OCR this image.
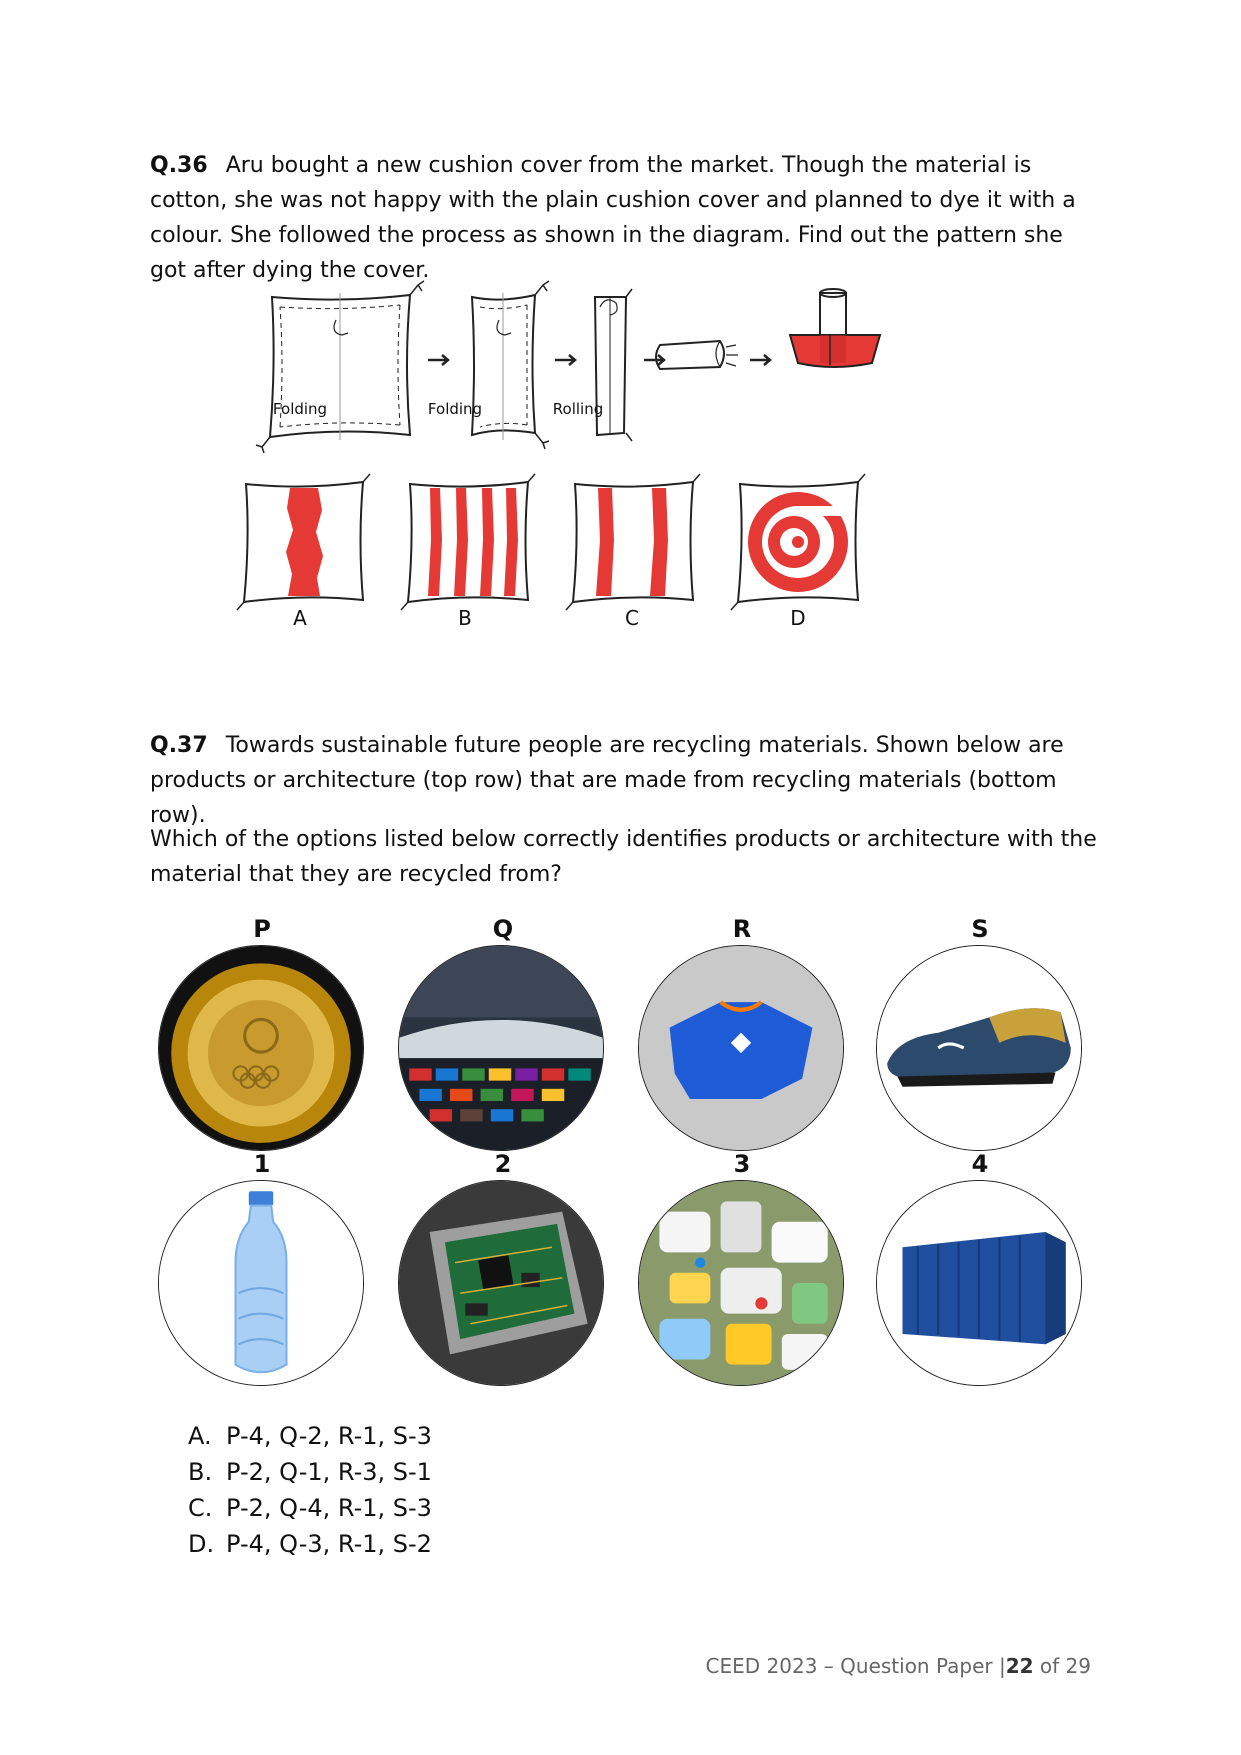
Q.36 Aru bought a new cushion cover from the market. Though the material is cotton, she was not happy with the plain cushion cover and planned to dye it with a colour. She followed the process as shown in the diagram. Find out the pattern she got after dying the cover.
Folding	Folding	Rolling
A	B	C	D
Q.37 Towards sustainable future people are recycling materials. Shown below are products or architecture (top row) that are made from recycling materials (bottom row).
Which of the options listed below correctly identifies products or architecture with the material that they are recycled from?
P	Q	R	S
1	2	3	4
A. P-4, Q-2, R-1, S-3
B. P-2, Q-1, R-3, S-1
C. P-2, Q-4, R-1, S-3
D. P-4, Q-3, R-1, S-2
CEED 2023 – Question Paper |22 of 29
